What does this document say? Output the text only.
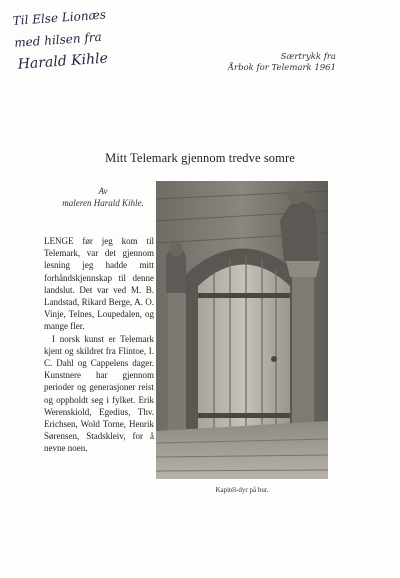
Til Else Lionæs
med hilsen fra
Harald Kihle	Særtrykk fra
Årbok for Telemark 1961
Mitt Telemark gjennom tredve somre
Av
maleren Harald Kihle.

LENGE før jeg kom til Telemark, var det gjennom lesning jeg hadde mitt forhåndskjennskap til denne landslut. Det var ved M. B. Landstad, Rikard Berge, A. O. Vinje, Telnes, Loupedalen, og mange fler.

I norsk kunst er Telemark kjent og skildret fra Flintoe, I. C. Dahl og Cappelens dager. Kunstnere har gjennom perioder og generasjoner reist og oppholdt seg i fylket. Erik Werenskiold, Egedius, Thv. Erichsen, Wold Torne, Henrik Sørensen, Stadskleiv, for å nevne noen.

Kapitél-dyr på bur.
